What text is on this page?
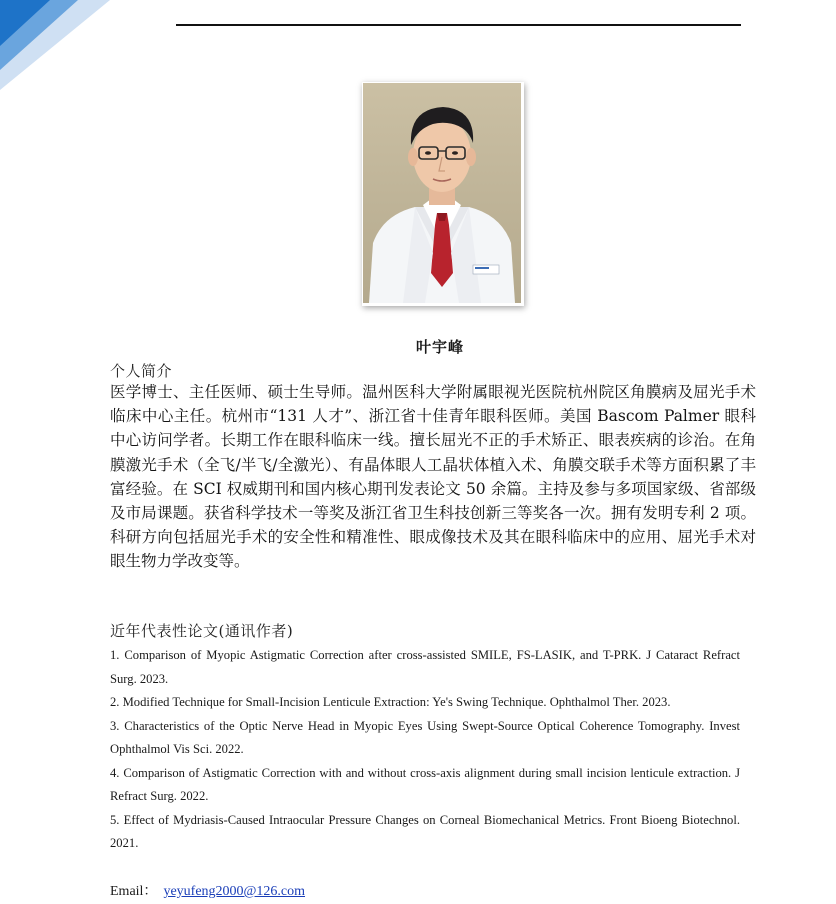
叶宇峰
个人简介
医学博士、主任医师、硕士生导师。温州医科大学附属眼视光医院杭州院区角膜病及屈光手术临床中心主任。杭州市“131 人才”、浙江省十佳青年眼科医师。美国 Bascom Palmer 眼科中心访问学者。长期工作在眼科临床一线。擅长屈光不正的手术矫正、眼表疾病的诊治。在角膜激光手术（全飞/半飞/全激光）、有晶体眼人工晶状体植入术、角膜交联手术等方面积累了丰富经验。在 SCI 权威期刊和国内核心期刊发表论文 50 余篇。主持及参与多项国家级、省部级及市局课题。获省科学技术一等奖及浙江省卫生科技创新三等奖各一次。拥有发明专利 2 项。科研方向包括屈光手术的安全性和精准性、眼成像技术及其在眼科临床中的应用、屈光手术对眼生物力学改变等。
近年代表性论文(通讯作者)
1. Comparison of Myopic Astigmatic Correction after cross-assisted SMILE, FS-LASIK, and T-PRK. J Cataract Refract Surg. 2023.
2. Modified Technique for Small-Incision Lenticule Extraction: Ye's Swing Technique. Ophthalmol Ther. 2023.
3. Characteristics of the Optic Nerve Head in Myopic Eyes Using Swept-Source Optical Coherence Tomography. Invest Ophthalmol Vis Sci. 2022.
4. Comparison of Astigmatic Correction with and without cross-axis alignment during small incision lenticule extraction. J Refract Surg. 2022.
5. Effect of Mydriasis-Caused Intraocular Pressure Changes on Corneal Biomechanical Metrics. Front Bioeng Biotechnol. 2021.
Email： yeyufeng2000@126.com
